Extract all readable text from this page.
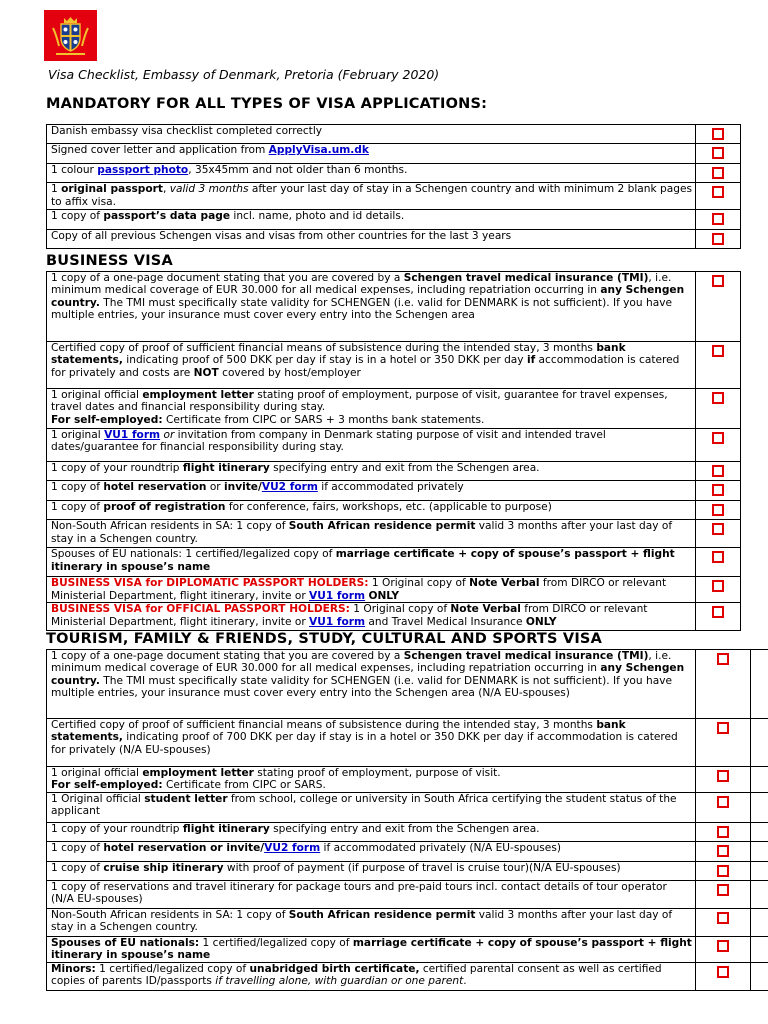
Visa Checklist, Embassy of Denmark, Pretoria (February 2020)
MANDATORY FOR ALL TYPES OF VISA APPLICATIONS:
Danish embassy visa checklist completed correctly	
Signed cover letter and application from ApplyVisa.um.dk	
1 colour passport photo, 35x45mm and not older than 6 months.	
1 original passport, valid 3 months after your last day of stay in a Schengen country and with minimum 2 blank pages to affix visa.	
1 copy of passport’s data page incl. name, photo and id details.	
Copy of all previous Schengen visas and visas from other countries for the last 3 years	
BUSINESS VISA
1 copy of a one-page document stating that you are covered by a Schengen travel medical insurance (TMI), i.e. minimum medical coverage of EUR 30.000 for all medical expenses, including repatriation occurring in any Schengen country. The TMI must specifically state validity for SCHENGEN (i.e. valid for DENMARK is not sufficient). If you have multiple entries, your insurance must cover every entry into the Schengen area	
Certified copy of proof of sufficient financial means of subsistence during the intended stay, 3 months bank statements, indicating proof of 500 DKK per day if stay is in a hotel or 350 DKK per day if accommodation is catered for privately and costs are NOT covered by host/employer	
1 original official employment letter stating proof of employment, purpose of visit, guarantee for travel expenses, travel dates and financial responsibility during stay.
For self-employed: Certificate from CIPC or SARS + 3 months bank statements.	
1 original VU1 form or invitation from company in Denmark stating purpose of visit and intended travel dates/guarantee for financial responsibility during stay.	
1 copy of your roundtrip flight itinerary specifying entry and exit from the Schengen area.	
1 copy of hotel reservation or invite/VU2 form if accommodated privately	
1 copy of proof of registration for conference, fairs, workshops, etc. (applicable to purpose)	
Non-South African residents in SA: 1 copy of South African residence permit valid 3 months after your last day of stay in a Schengen country.	
Spouses of EU nationals: 1 certified/legalized copy of marriage certificate + copy of spouse’s passport + flight itinerary in spouse’s name	
BUSINESS VISA for DIPLOMATIC PASSPORT HOLDERS: 1 Original copy of Note Verbal from DIRCO or relevant Ministerial Department, flight itinerary, invite or VU1 form ONLY	
BUSINESS VISA for OFFICIAL PASSPORT HOLDERS: 1 Original copy of Note Verbal from DIRCO or relevant Ministerial Department, flight itinerary, invite or VU1 form and Travel Medical Insurance ONLY	
TOURISM, FAMILY & FRIENDS, STUDY, CULTURAL AND SPORTS VISA
1 copy of a one-page document stating that you are covered by a Schengen travel medical insurance (TMI), i.e. minimum medical coverage of EUR 30.000 for all medical expenses, including repatriation occurring in any Schengen country. The TMI must specifically state validity for SCHENGEN (i.e. valid for DENMARK is not sufficient). If you have multiple entries, your insurance must cover every entry into the Schengen area (N/A EU-spouses)		
Certified copy of proof of sufficient financial means of subsistence during the intended stay, 3 months bank statements, indicating proof of 700 DKK per day if stay is in a hotel or 350 DKK per day if accommodation is catered for privately (N/A EU-spouses)		
1 original official employment letter stating proof of employment, purpose of visit.
For self-employed: Certificate from CIPC or SARS.		
1 Original official student letter from school, college or university in South Africa certifying the student status of the applicant		
1 copy of your roundtrip flight itinerary specifying entry and exit from the Schengen area.		
1 copy of hotel reservation or invite/VU2 form if accommodated privately (N/A EU-spouses)		
1 copy of cruise ship itinerary with proof of payment (if purpose of travel is cruise tour)(N/A EU-spouses)		
1 copy of reservations and travel itinerary for package tours and pre-paid tours incl. contact details of tour operator (N/A EU-spouses)		
Non-South African residents in SA: 1 copy of South African residence permit valid 3 months after your last day of stay in a Schengen country.		
Spouses of EU nationals: 1 certified/legalized copy of marriage certificate + copy of spouse’s passport + flight itinerary in spouse’s name		
Minors: 1 certified/legalized copy of unabridged birth certificate, certified parental consent as well as certified copies of parents ID/passports if travelling alone, with guardian or one parent.		
